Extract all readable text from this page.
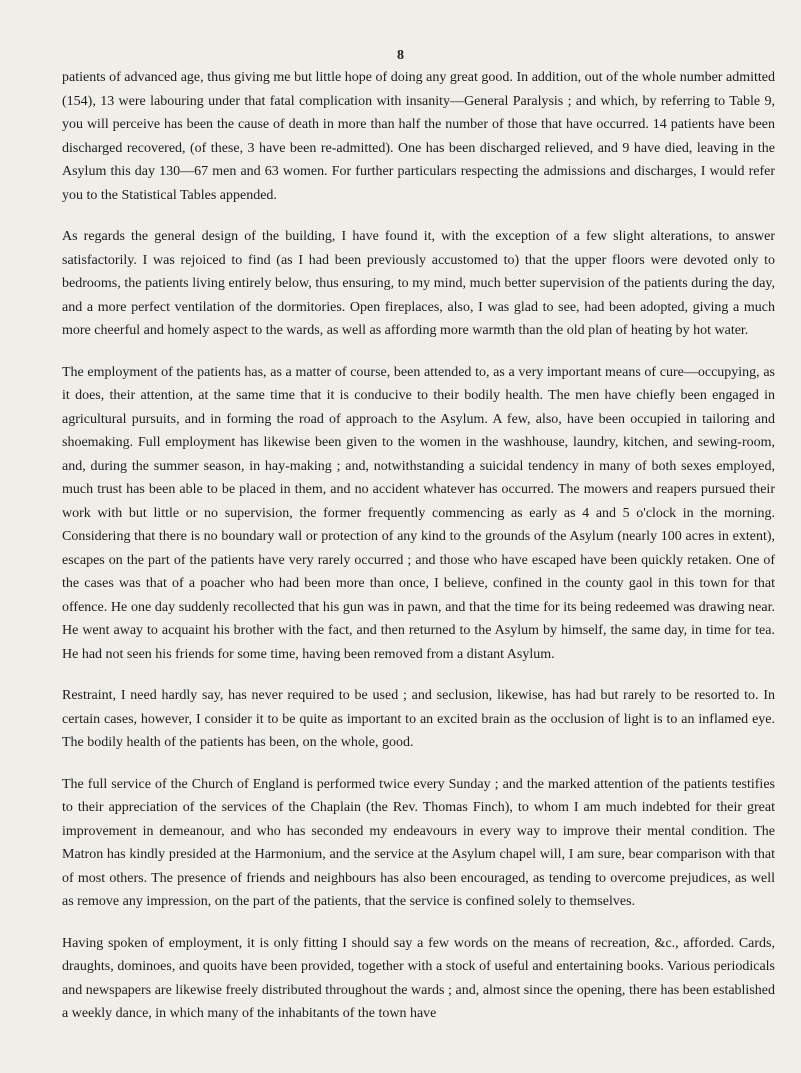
8

patients of advanced age, thus giving me but little hope of doing any great good. In addition, out of the whole number admitted (154), 13 were labouring under that fatal complication with insanity—General Paralysis ; and which, by referring to Table 9, you will perceive has been the cause of death in more than half the number of those that have occurred. 14 patients have been discharged recovered, (of these, 3 have been re-admitted). One has been discharged relieved, and 9 have died, leaving in the Asylum this day 130—67 men and 63 women. For further particulars respecting the admissions and discharges, I would refer you to the Statistical Tables appended.

As regards the general design of the building, I have found it, with the exception of a few slight alterations, to answer satisfactorily. I was rejoiced to find (as I had been previously accustomed to) that the upper floors were devoted only to bedrooms, the patients living entirely below, thus ensuring, to my mind, much better supervision of the patients during the day, and a more perfect ventilation of the dormitories. Open fireplaces, also, I was glad to see, had been adopted, giving a much more cheerful and homely aspect to the wards, as well as affording more warmth than the old plan of heating by hot water.

The employment of the patients has, as a matter of course, been attended to, as a very important means of cure—occupying, as it does, their attention, at the same time that it is conducive to their bodily health. The men have chiefly been engaged in agricultural pursuits, and in forming the road of approach to the Asylum. A few, also, have been occupied in tailoring and shoemaking. Full employment has likewise been given to the women in the washhouse, laundry, kitchen, and sewing-room, and, during the summer season, in hay-making ; and, notwithstanding a suicidal tendency in many of both sexes employed, much trust has been able to be placed in them, and no accident whatever has occurred. The mowers and reapers pursued their work with but little or no supervision, the former frequently commencing as early as 4 and 5 o'clock in the morning. Considering that there is no boundary wall or protection of any kind to the grounds of the Asylum (nearly 100 acres in extent), escapes on the part of the patients have very rarely occurred ; and those who have escaped have been quickly retaken. One of the cases was that of a poacher who had been more than once, I believe, confined in the county gaol in this town for that offence. He one day suddenly recollected that his gun was in pawn, and that the time for its being redeemed was drawing near. He went away to acquaint his brother with the fact, and then returned to the Asylum by himself, the same day, in time for tea. He had not seen his friends for some time, having been removed from a distant Asylum.

Restraint, I need hardly say, has never required to be used ; and seclusion, likewise, has had but rarely to be resorted to. In certain cases, however, I consider it to be quite as important to an excited brain as the occlusion of light is to an inflamed eye. The bodily health of the patients has been, on the whole, good.

The full service of the Church of England is performed twice every Sunday ; and the marked attention of the patients testifies to their appreciation of the services of the Chaplain (the Rev. Thomas Finch), to whom I am much indebted for their great improvement in demeanour, and who has seconded my endeavours in every way to improve their mental condition. The Matron has kindly presided at the Harmonium, and the service at the Asylum chapel will, I am sure, bear comparison with that of most others. The presence of friends and neighbours has also been encouraged, as tending to overcome prejudices, as well as remove any impression, on the part of the patients, that the service is confined solely to themselves.

Having spoken of employment, it is only fitting I should say a few words on the means of recreation, &c., afforded. Cards, draughts, dominoes, and quoits have been provided, together with a stock of useful and entertaining books. Various periodicals and newspapers are likewise freely distributed throughout the wards ; and, almost since the opening, there has been established a weekly dance, in which many of the inhabitants of the town have
